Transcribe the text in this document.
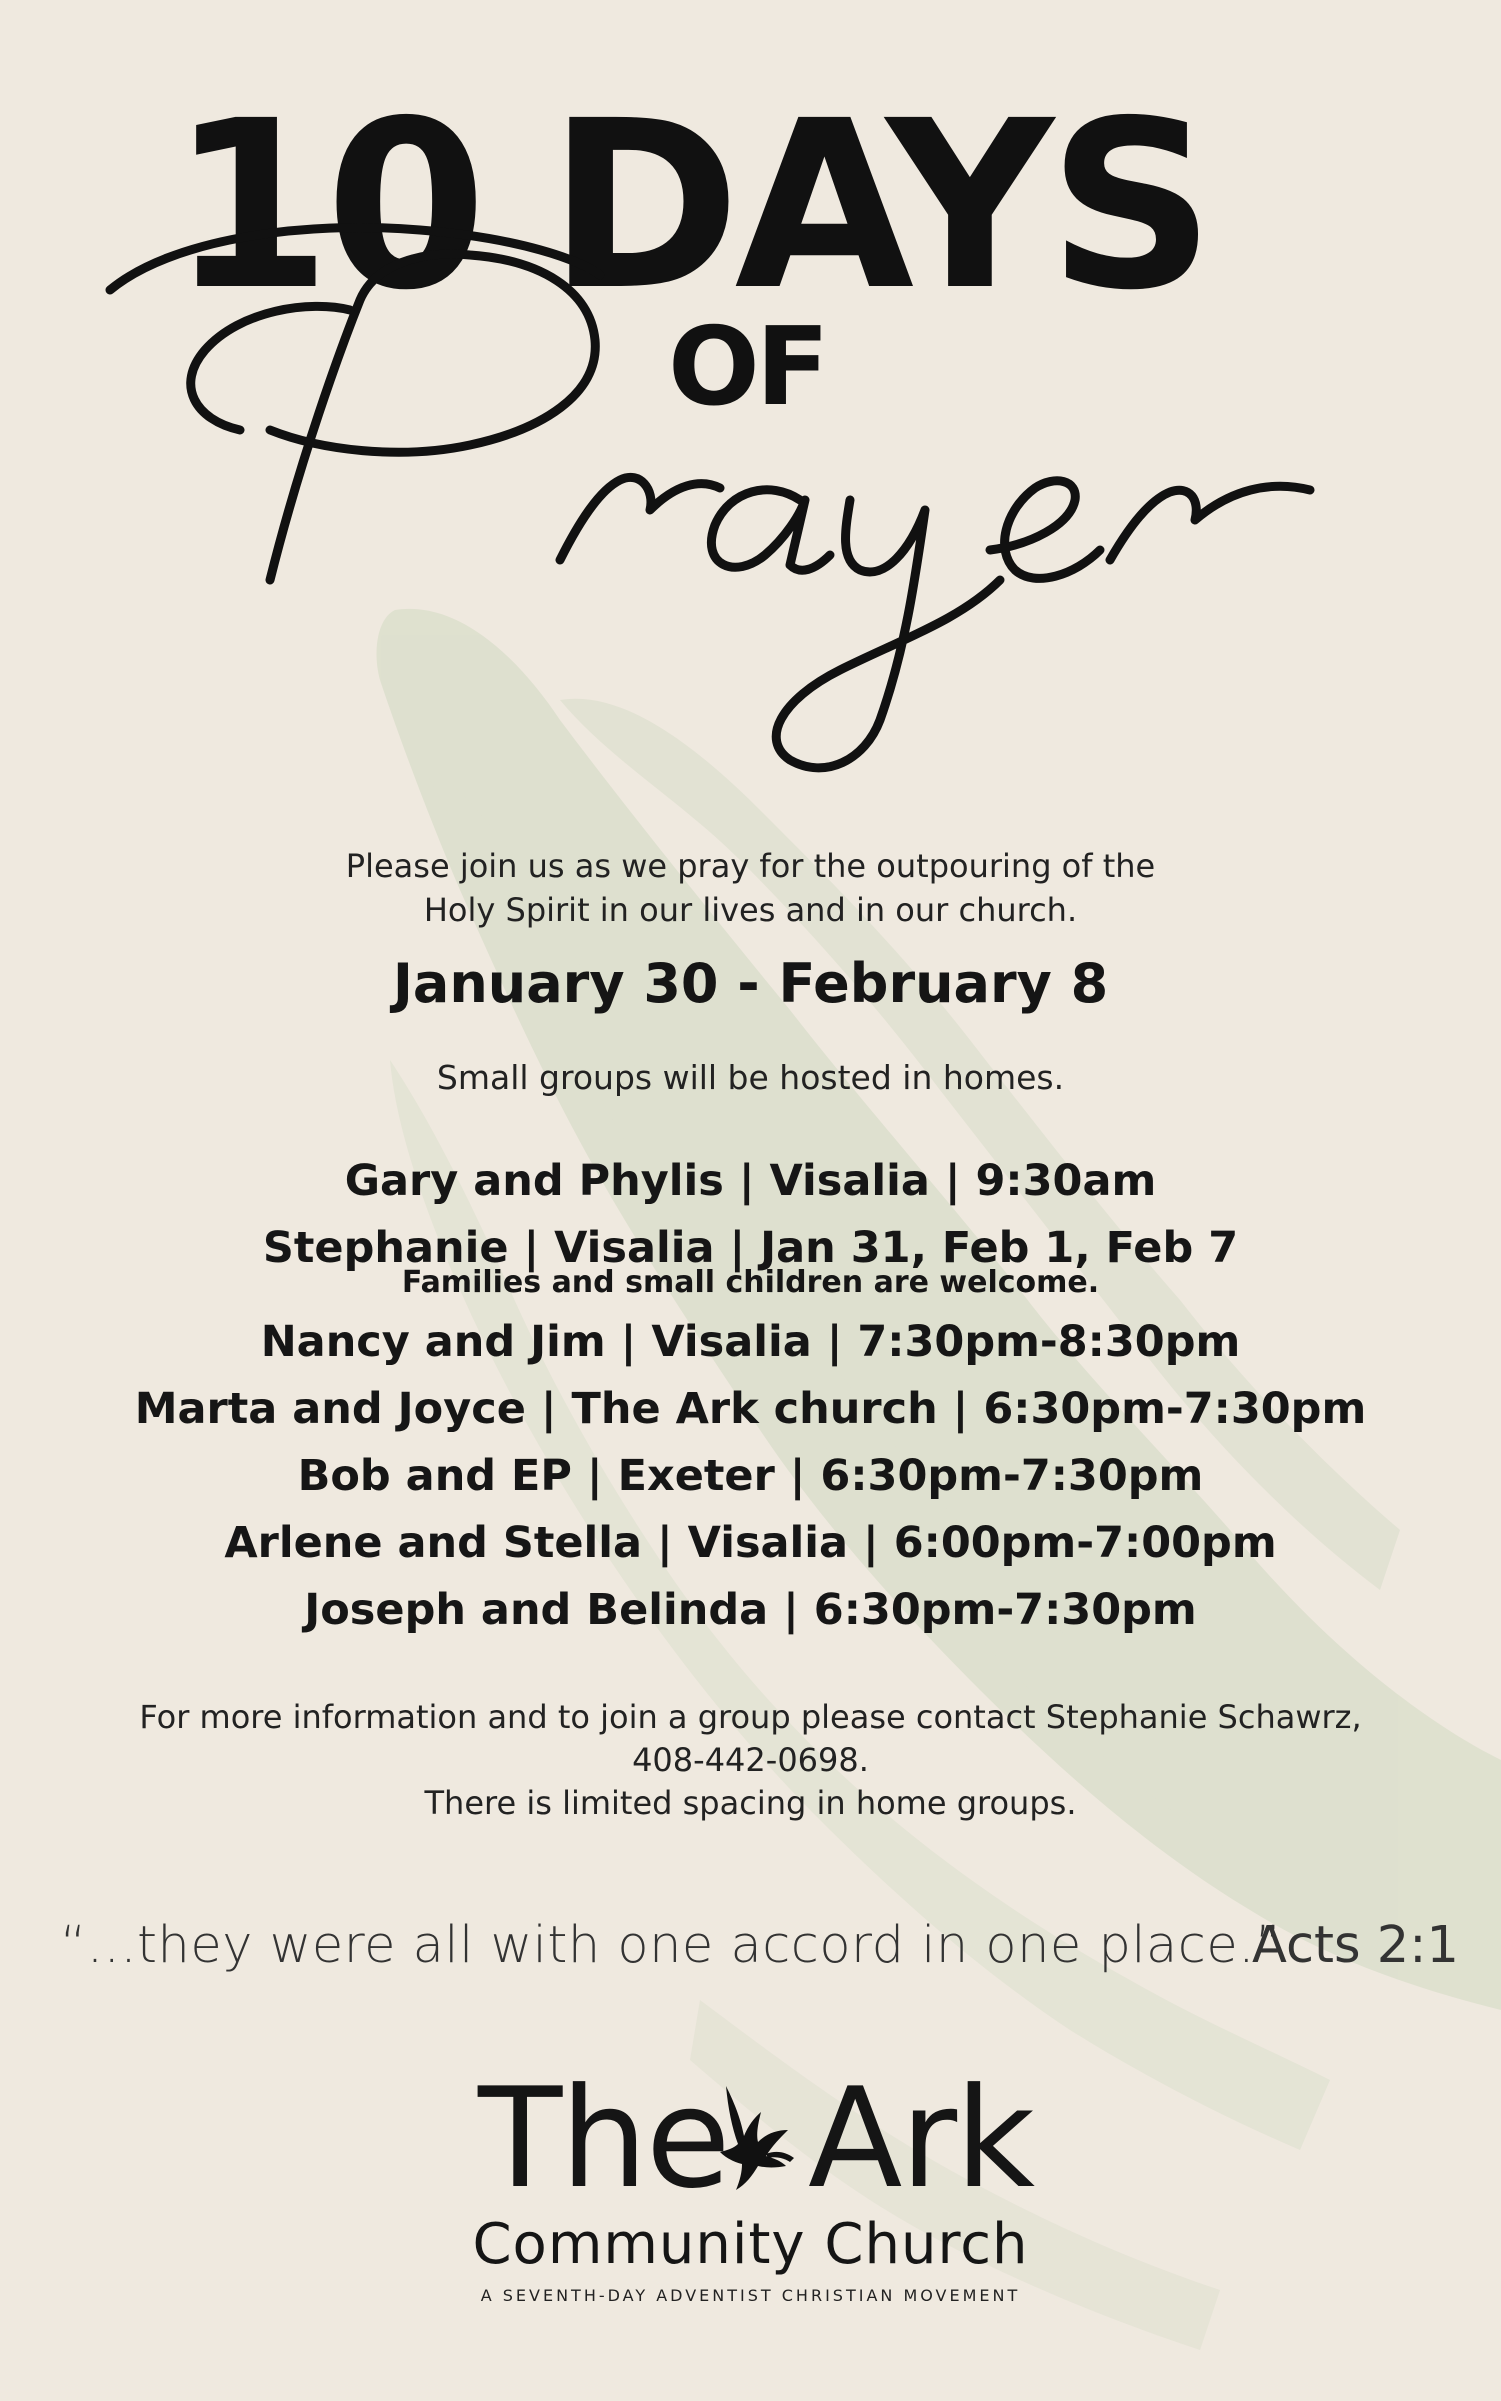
10 DAYS
OF
Please join us as we pray for the outpouring of the
Holy Spirit in our lives and in our church.
January 30 - February 8
Small groups will be hosted in homes.
Gary and Phylis | Visalia | 9:30am
Stephanie | Visalia | Jan 31, Feb 1, Feb 7
Families and small children are welcome.
Nancy and Jim | Visalia | 7:30pm-8:30pm
Marta and Joyce | The Ark church | 6:30pm-7:30pm
Bob and EP | Exeter | 6:30pm-7:30pm
Arlene and Stella | Visalia | 6:00pm-7:00pm
Joseph and Belinda | 6:30pm-7:30pm
For more information and to join a group please contact Stephanie Schawrz,
408-442-0698.
There is limited spacing in home groups.
“...they were all with one accord in one place.”
Acts 2:1
The Ark
Community Church
A SEVENTH-DAY ADVENTIST CHRISTIAN MOVEMENT
